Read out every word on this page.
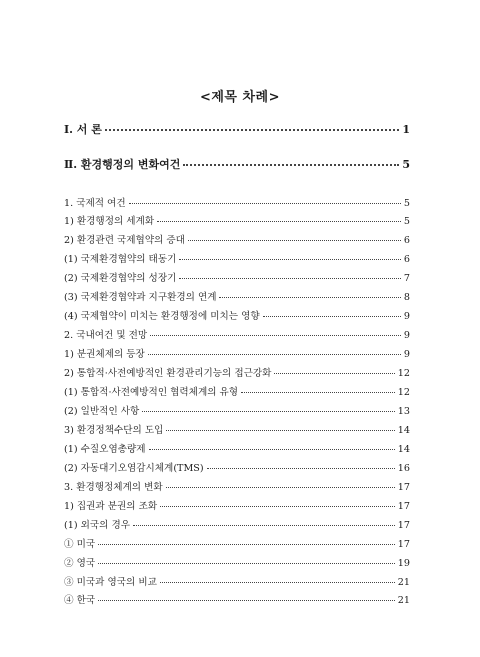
<제목 차례>
Ⅰ. 서 론	1
Ⅱ. 환경행정의 변화여건	5
1. 국제적 여건	5
1) 환경행정의 세계화	5
2) 환경관련 국제협약의 증대	6
(1) 국제환경협약의 태동기	6
(2) 국제환경협약의 성장기	7
(3) 국제환경협약과 지구환경의 연계	8
(4) 국제협약이 미치는 환경행정에 미치는 영향	9
2. 국내여건 및 전망	9
1) 분권체제의 등장	9
2) 통합적·사전예방적인 환경관리기능의 접근강화	12
(1) 통합적·사전예방적인 협력체계의 유형	12
(2) 일반적인 사항	13
3) 환경정책수단의 도입	14
(1) 수질오염총량제	14
(2) 자동대기오염감시체계(TMS)	16
3. 환경행정체계의 변화	17
1) 집권과 분권의 조화	17
(1) 외국의 경우	17
① 미국	17
② 영국	19
③ 미국과 영국의 비교	21
④ 한국	21
